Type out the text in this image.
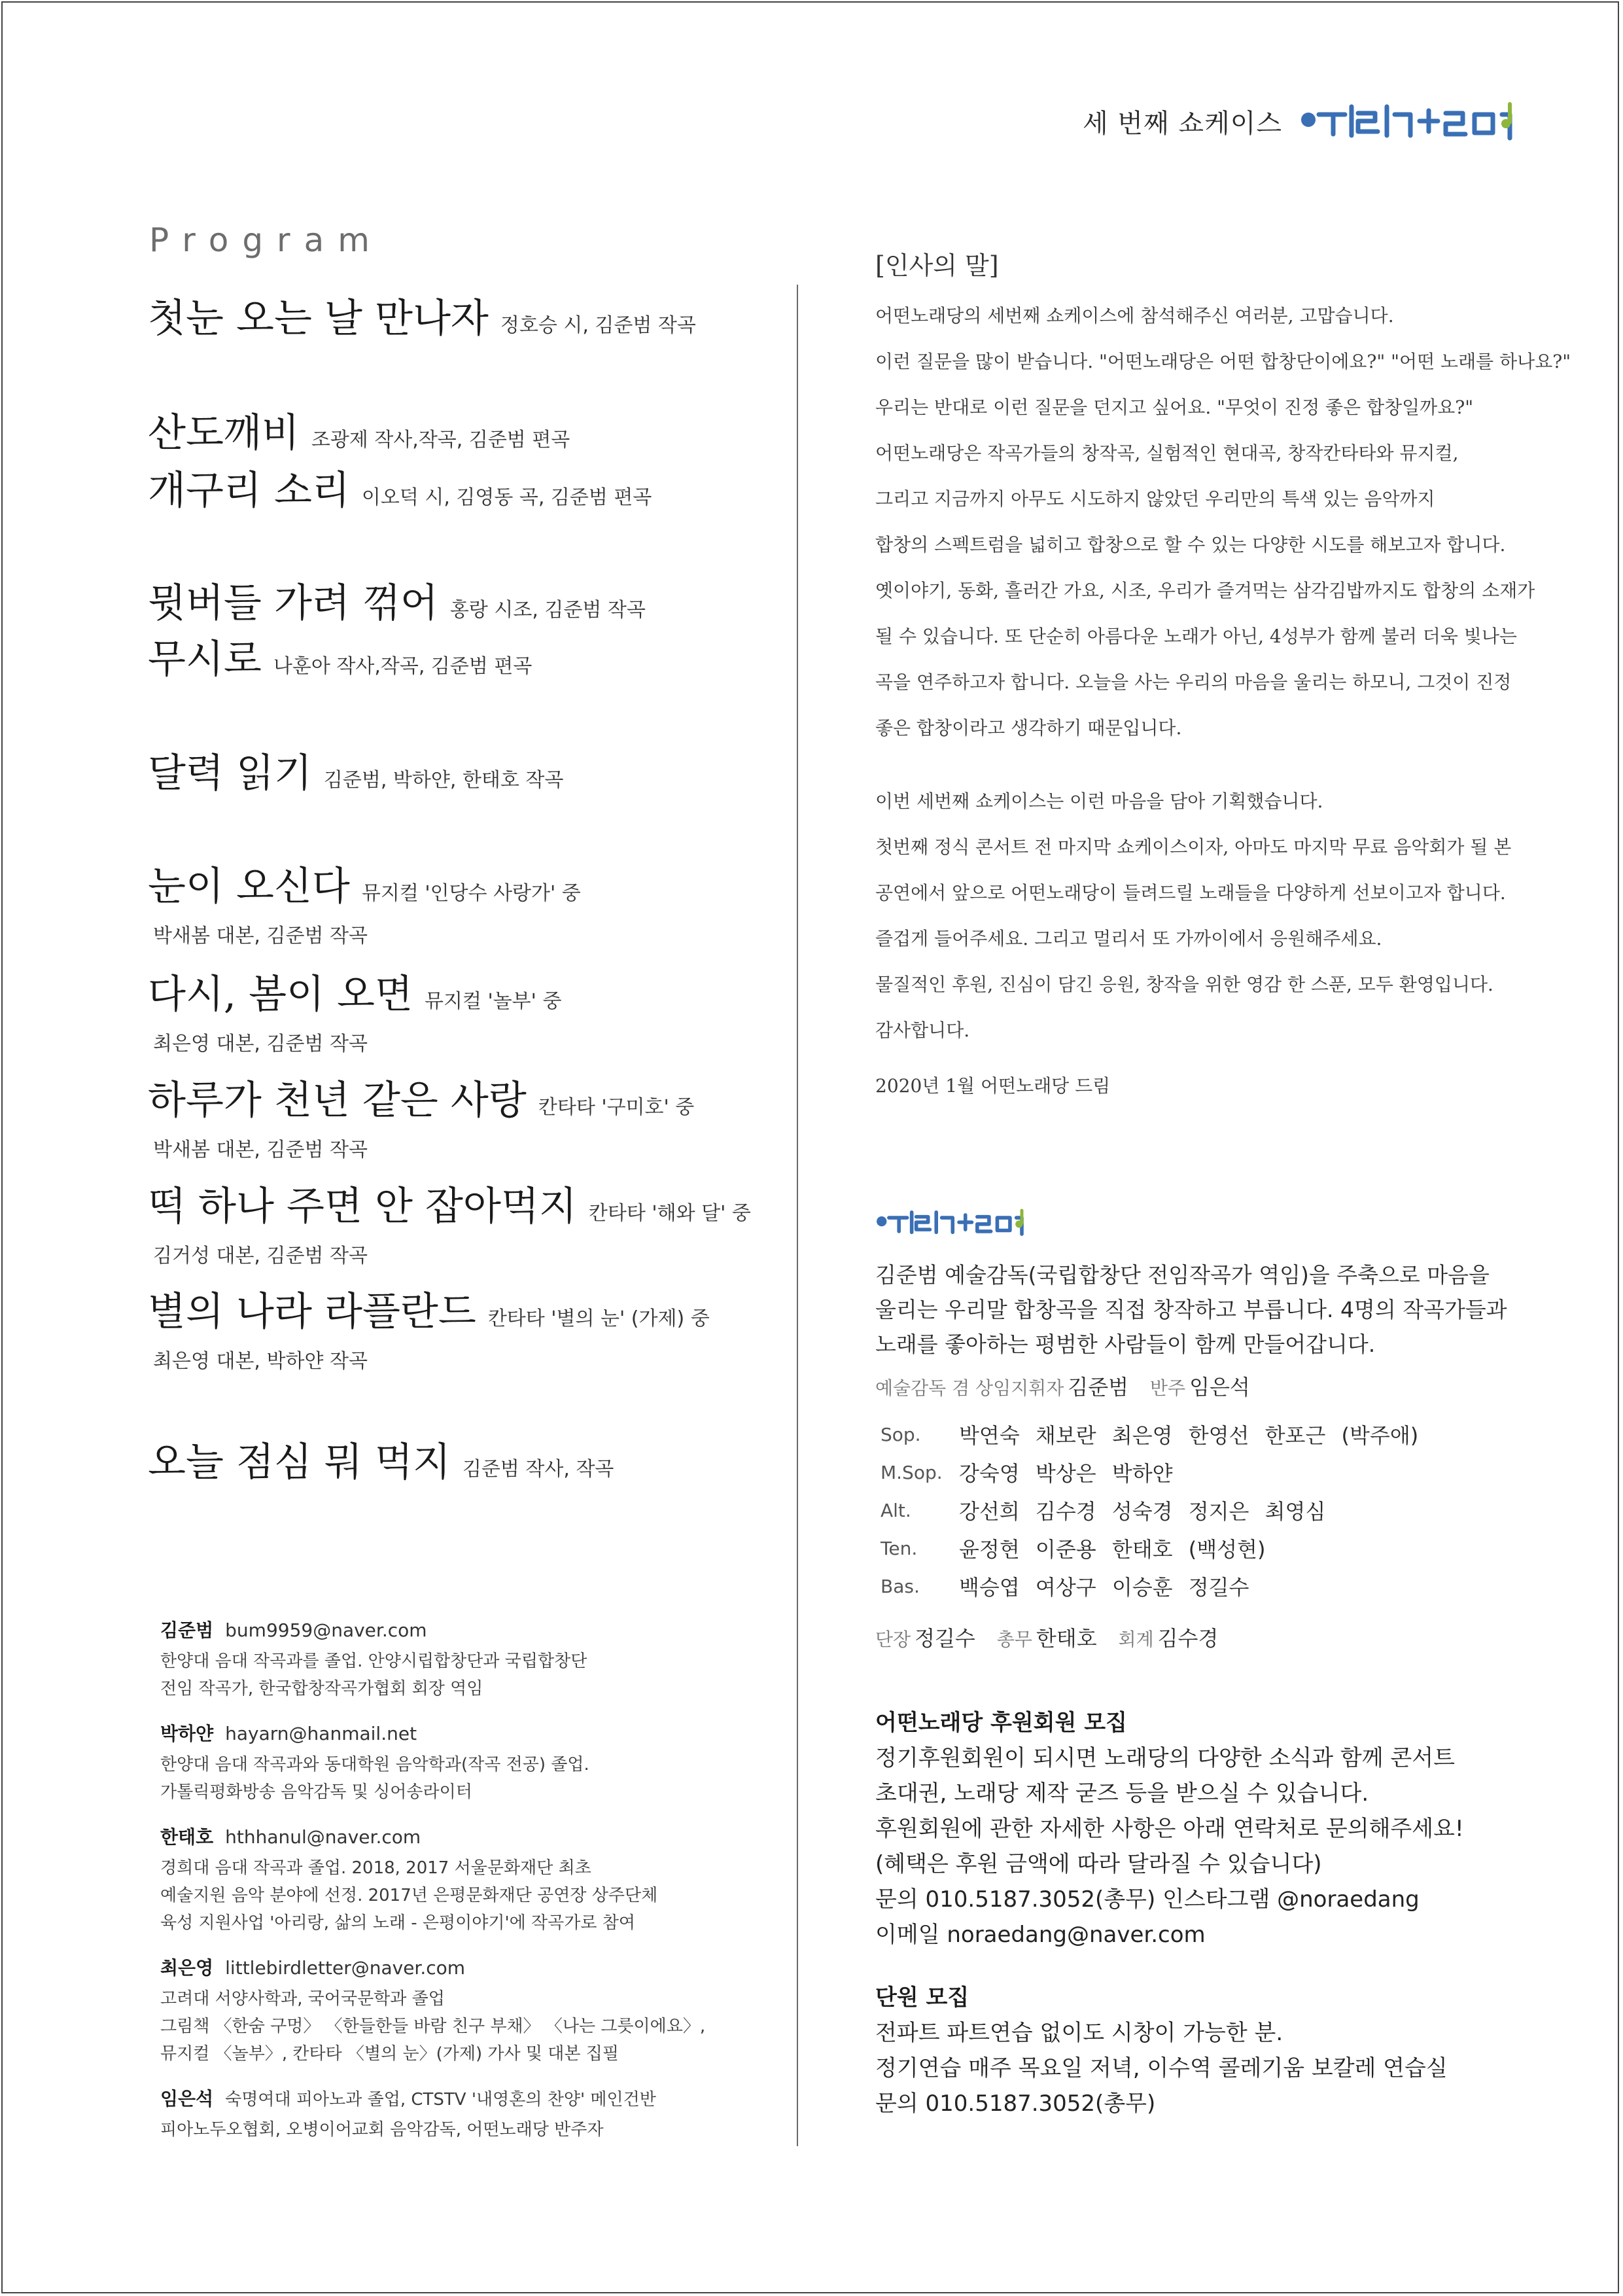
세 번째 쇼케이스
어떤노래당
Program
첫눈 오는 날 만나자 정호승 시, 김준범 작곡
산도깨비 조광제 작사,작곡, 김준범 편곡
개구리 소리 이오덕 시, 김영동 곡, 김준범 편곡
뮛버들 가려 꺾어 홍랑 시조, 김준범 작곡
무시로 나훈아 작사,작곡, 김준범 편곡
달력 읽기 김준범, 박하얀, 한태호 작곡
눈이 오신다 뮤지컬 '인당수 사랑가' 중
박새봄 대본, 김준범 작곡
다시, 봄이 오면 뮤지컬 '놀부' 중
최은영 대본, 김준범 작곡
하루가 천년 같은 사랑 칸타타 '구미호' 중
박새봄 대본, 김준범 작곡
떡 하나 주면 안 잡아먹지 칸타타 '해와 달' 중
김거성 대본, 김준범 작곡
별의 나라 라플란드 칸타타 '별의 눈' (가제) 중
최은영 대본, 박하얀 작곡
오늘 점심 뭐 먹지 김준범 작사, 작곡
김준범 bum9959@naver.com
한양대 음대 작곡과를 졸업. 안양시립합창단과 국립합창단
전임 작곡가, 한국합창작곡가협회 회장 역임
박하얀 hayarn@hanmail.net
한양대 음대 작곡과와 동대학원 음악학과(작곡 전공) 졸업.
가톨릭평화방송 음악감독 및 싱어송라이터
한태호 hthhanul@naver.com
경희대 음대 작곡과 졸업. 2018, 2017 서울문화재단 최초
예술지원 음악 분야에 선정. 2017년 은평문화재단 공연장 상주단체
육성 지원사업 '아리랑, 삶의 노래 - 은평이야기'에 작곡가로 참여
최은영 littlebirdletter@naver.com
고려대 서양사학과, 국어국문학과 졸업
그림책 〈한숨 구멍〉 〈한들한들 바람 친구 부채〉 〈나는 그릇이에요〉,
뮤지컬 〈놀부〉, 칸타타 〈별의 눈〉(가제) 가사 및 대본 집필
임은석 숙명여대 피아노과 졸업, CTSTV '내영혼의 찬양' 메인건반
피아노두오협회, 오병이어교회 음악감독, 어떤노래당 반주자
[인사의 말]
어떤노래당의 세번째 쇼케이스에 참석해주신 여러분, 고맙습니다.
이런 질문을 많이 받습니다. "어떤노래당은 어떤 합창단이에요?" "어떤 노래를 하나요?"
우리는 반대로 이런 질문을 던지고 싶어요. "무엇이 진정 좋은 합창일까요?"
어떤노래당은 작곡가들의 창작곡, 실험적인 현대곡, 창작칸타타와 뮤지컬,
그리고 지금까지 아무도 시도하지 않았던 우리만의 특색 있는 음악까지
합창의 스펙트럼을 넓히고 합창으로 할 수 있는 다양한 시도를 해보고자 합니다.
옛이야기, 동화, 흘러간 가요, 시조, 우리가 즐겨먹는 삼각김밥까지도 합창의 소재가
될 수 있습니다. 또 단순히 아름다운 노래가 아닌, 4성부가 함께 불러 더욱 빛나는
곡을 연주하고자 합니다. 오늘을 사는 우리의 마음을 울리는 하모니, 그것이 진정
좋은 합창이라고 생각하기 때문입니다.
이번 세번째 쇼케이스는 이런 마음을 담아 기획했습니다.
첫번째 정식 콘서트 전 마지막 쇼케이스이자, 아마도 마지막 무료 음악회가 될 본
공연에서 앞으로 어떤노래당이 들려드릴 노래들을 다양하게 선보이고자 합니다.
즐겁게 들어주세요. 그리고 멀리서 또 가까이에서 응원해주세요.
물질적인 후원, 진심이 담긴 응원, 창작을 위한 영감 한 스푼, 모두 환영입니다.
감사합니다.
2020년 1월 어떤노래당 드림
김준범 예술감독(국립합창단 전임작곡가 역임)을 주축으로 마음을
울리는 우리말 합창곡을 직접 창작하고 부릅니다. 4명의 작곡가들과
노래를 좋아하는 평범한 사람들이 함께 만들어갑니다.
예술감독 겸 상임지휘자 김준범 반주 임은석
Sop.	박연숙 채보란 최은영 한영선 한포근 (박주애)
M.Sop.	강숙영 박상은 박하얀
Alt.	강선희 김수경 성숙경 정지은 최영심
Ten.	윤정현 이준용 한태호 (백성현)
Bas.	백승엽 여상구 이승훈 정길수
단장 정길수 총무 한태호 회계 김수경
어떤노래당 후원회원 모집
정기후원회원이 되시면 노래당의 다양한 소식과 함께 콘서트
초대권, 노래당 제작 굳즈 등을 받으실 수 있습니다.
후원회원에 관한 자세한 사항은 아래 연락처로 문의해주세요!
(혜택은 후원 금액에 따라 달라질 수 있습니다)
문의 010.5187.3052(총무) 인스타그램 @noraedang
이메일 noraedang@naver.com
단원 모집
전파트 파트연습 없이도 시창이 가능한 분.
정기연습 매주 목요일 저녁, 이수역 콜레기움 보칼레 연습실
문의 010.5187.3052(총무)
